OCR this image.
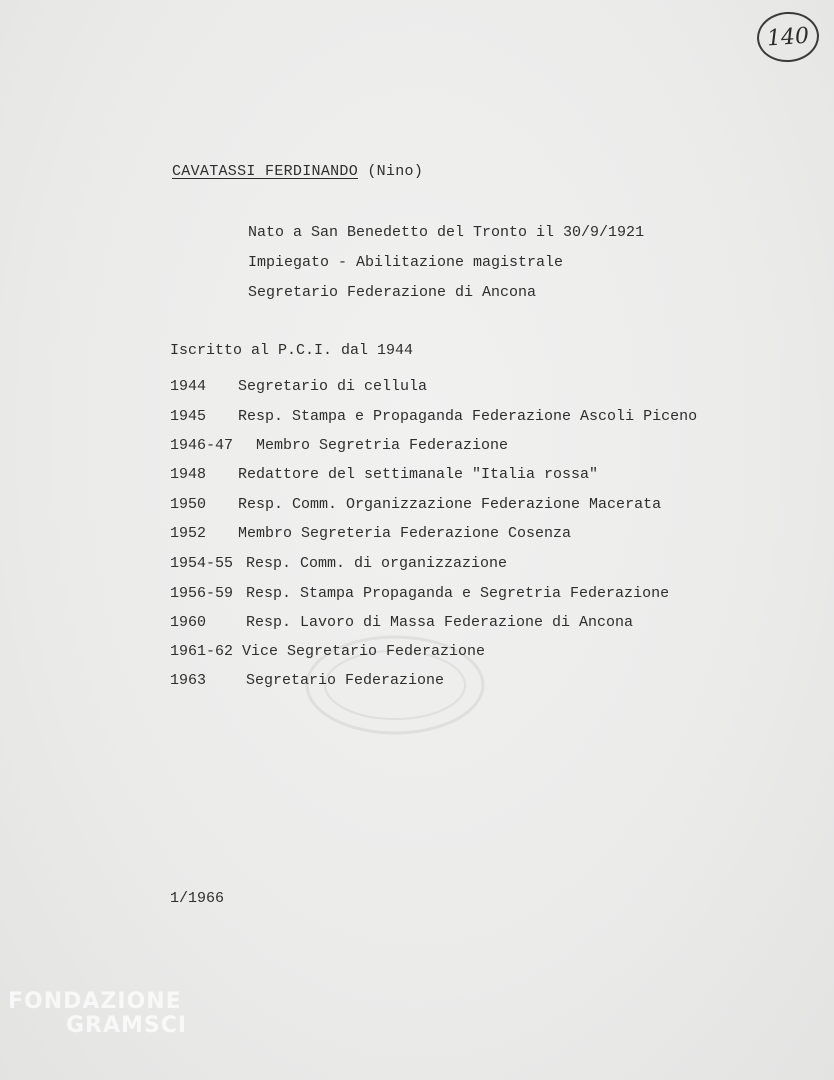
140
CAVATASSI FERDINANDO (Nino)
Nato a San Benedetto del Tronto il 30/9/1921
Impiegato - Abilitazione magistrale
Segretario Federazione di Ancona
Iscritto al P.C.I. dal 1944
1944 Segretario di cellula
1945 Resp. Stampa e Propaganda Federazione Ascoli Piceno
1946-47 Membro Segretria Federazione
1948 Redattore del settimanale "Italia rossa"
1950 Resp. Comm. Organizzazione Federazione Macerata
1952 Membro Segreteria Federazione Cosenza
1954-55 Resp. Comm. di organizzazione
1956-59 Resp. Stampa Propaganda e Segretria Federazione
1960	Resp. Lavoro di Massa Federazione di Ancona
1961-62 Vice Segretario Federazione
1963	Segretario Federazione
1/1966
FONDAZIONE
GRAMSCI
